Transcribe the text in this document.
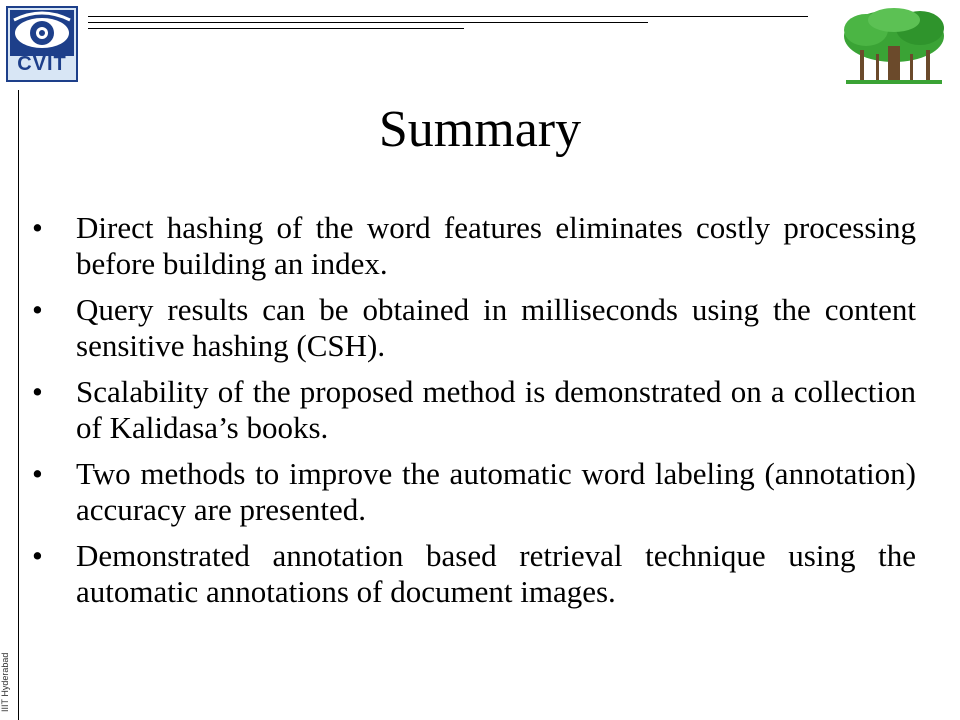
CVIT
IIIT Hyderabad
Summary
•	Direct hashing of the word features eliminates costly processing before building an index.
•	Query results can be obtained in milliseconds using the content sensitive hashing (CSH).
•	Scalability of the proposed method is demonstrated on a collection of Kalidasa’s books.
•	Two methods to improve the automatic word labeling (annotation) accuracy are presented.
•	Demonstrated annotation based retrieval technique using the automatic annotations of document images.
